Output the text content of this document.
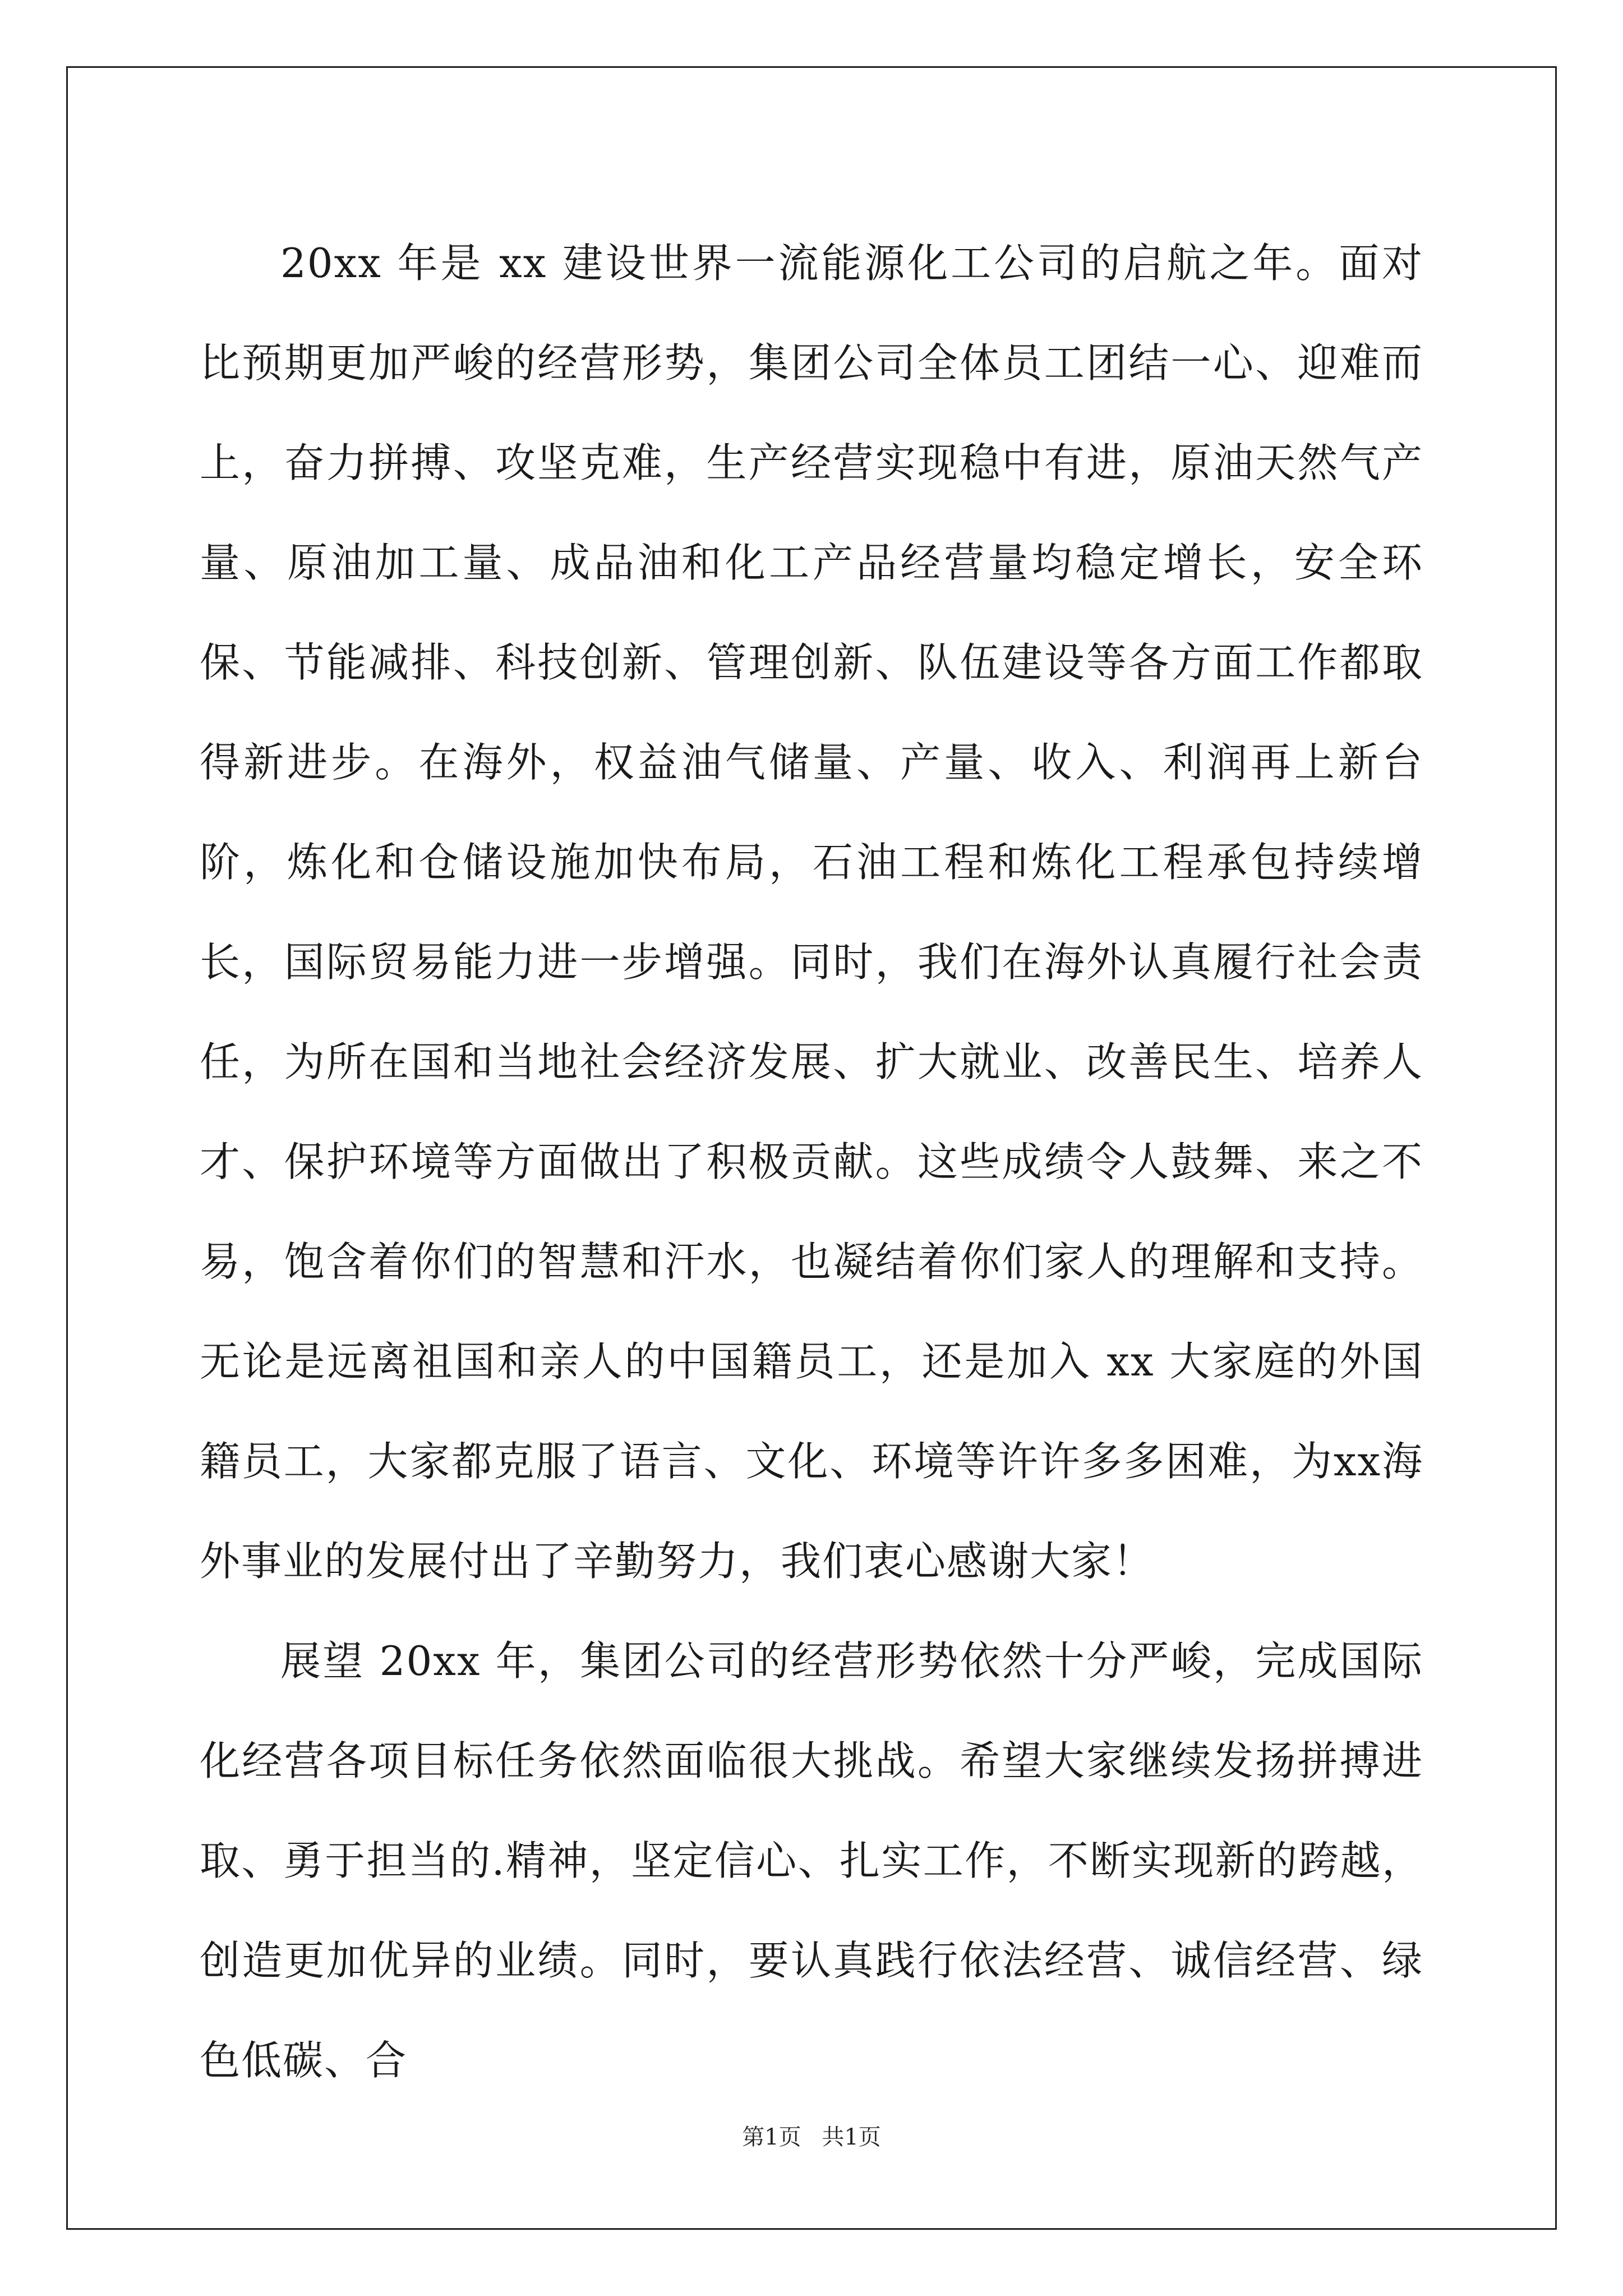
20xx 年是 xx 建设世界一流能源化工公司的启航之年。面对比预期更加严峻的经营形势，集团公司全体员工团结一心、迎难而上，奋力拼搏、攻坚克难，生产经营实现稳中有进，原油天然气产量、原油加工量、成品油和化工产品经营量均稳定增长，安全环保、节能减排、科技创新、管理创新、队伍建设等各方面工作都取得新进步。在海外，权益油气储量、产量、收入、利润再上新台阶，炼化和仓储设施加快布局，石油工程和炼化工程承包持续增长，国际贸易能力进一步增强。同时，我们在海外认真履行社会责任，为所在国和当地社会经济发展、扩大就业、改善民生、培养人才、保护环境等方面做出了积极贡献。这些成绩令人鼓舞、来之不易，饱含着你们的智慧和汗水，也凝结着你们家人的理解和支持。无论是远离祖国和亲人的中国籍员工，还是加入 xx 大家庭的外国籍员工，大家都克服了语言、文化、环境等许许多多困难，为xx海外事业的发展付出了辛勤努力，我们衷心感谢大家！

展望 20xx 年，集团公司的经营形势依然十分严峻，完成国际化经营各项目标任务依然面临很大挑战。希望大家继续发扬拼搏进取、勇于担当的.精神，坚定信心、扎实工作，不断实现新的跨越，创造更加优异的业绩。同时，要认真践行依法经营、诚信经营、绿色低碳、合

第1页 共1页
